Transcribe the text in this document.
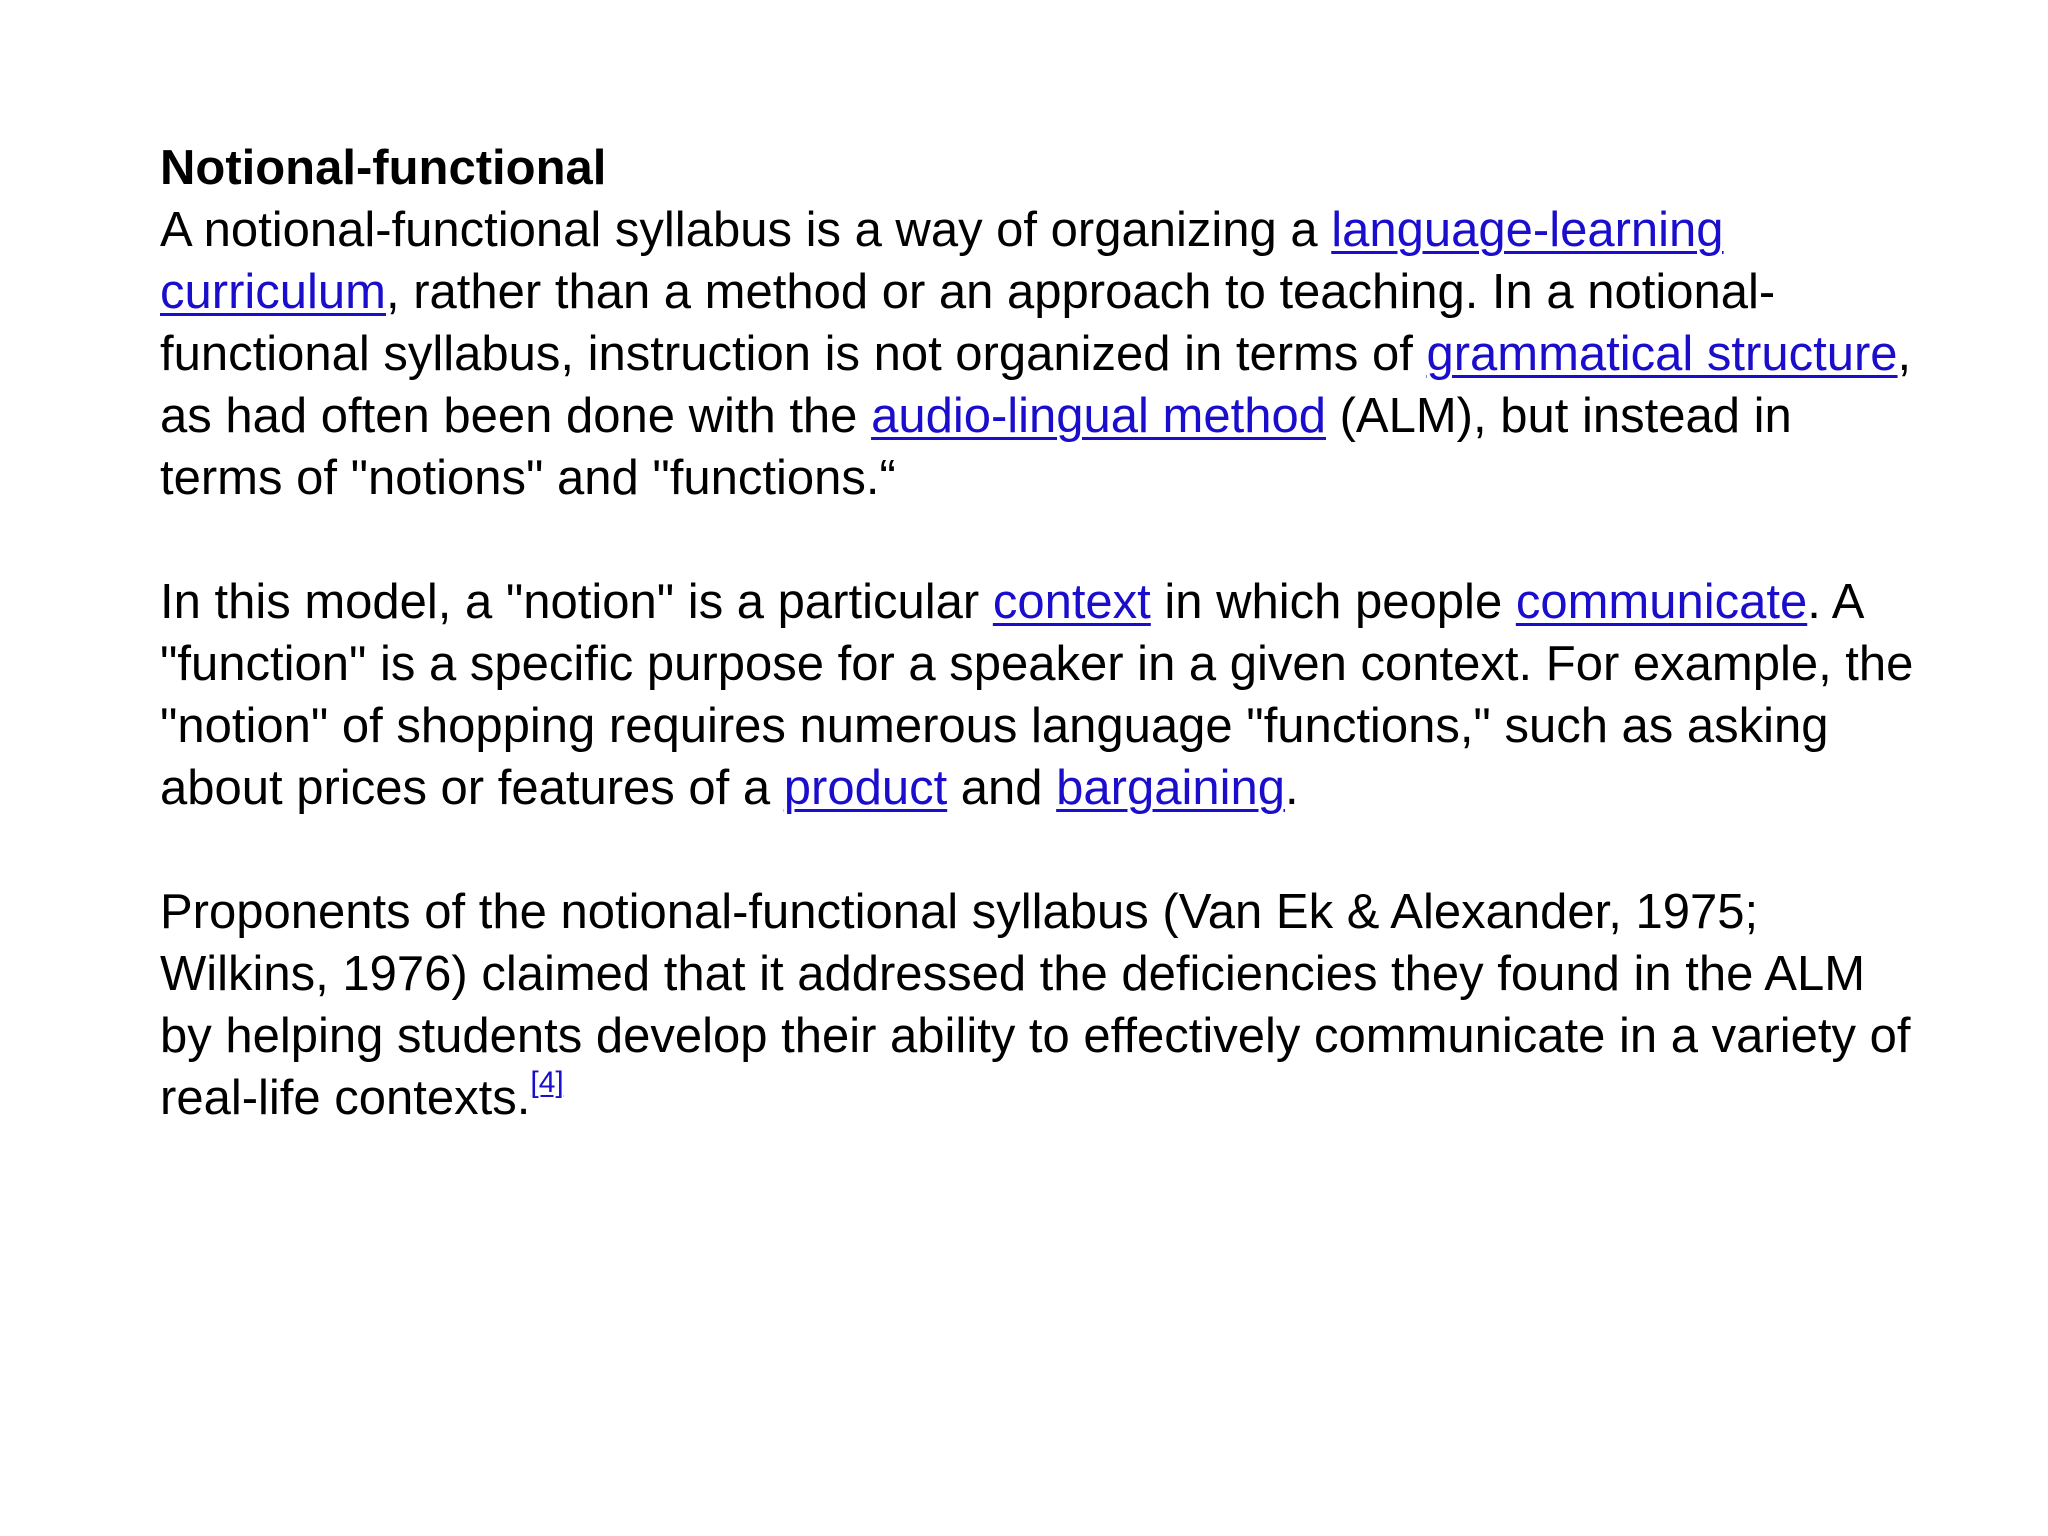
Notional-functional

A notional-functional syllabus is a way of organizing a language-learning curriculum, rather than a method or an approach to teaching. In a notional-functional syllabus, instruction is not organized in terms of grammatical structure, as had often been done with the audio-lingual method (ALM), but instead in terms of "notions" and "functions.“

In this model, a "notion" is a particular context in which people communicate. A "function" is a specific purpose for a speaker in a given context. For example, the "notion" of shopping requires numerous language "functions," such as asking about prices or features of a product and bargaining.

Proponents of the notional-functional syllabus (Van Ek & Alexander, 1975; Wilkins, 1976) claimed that it addressed the deficiencies they found in the ALM by helping students develop their ability to effectively communicate in a variety of real-life contexts.[4]
